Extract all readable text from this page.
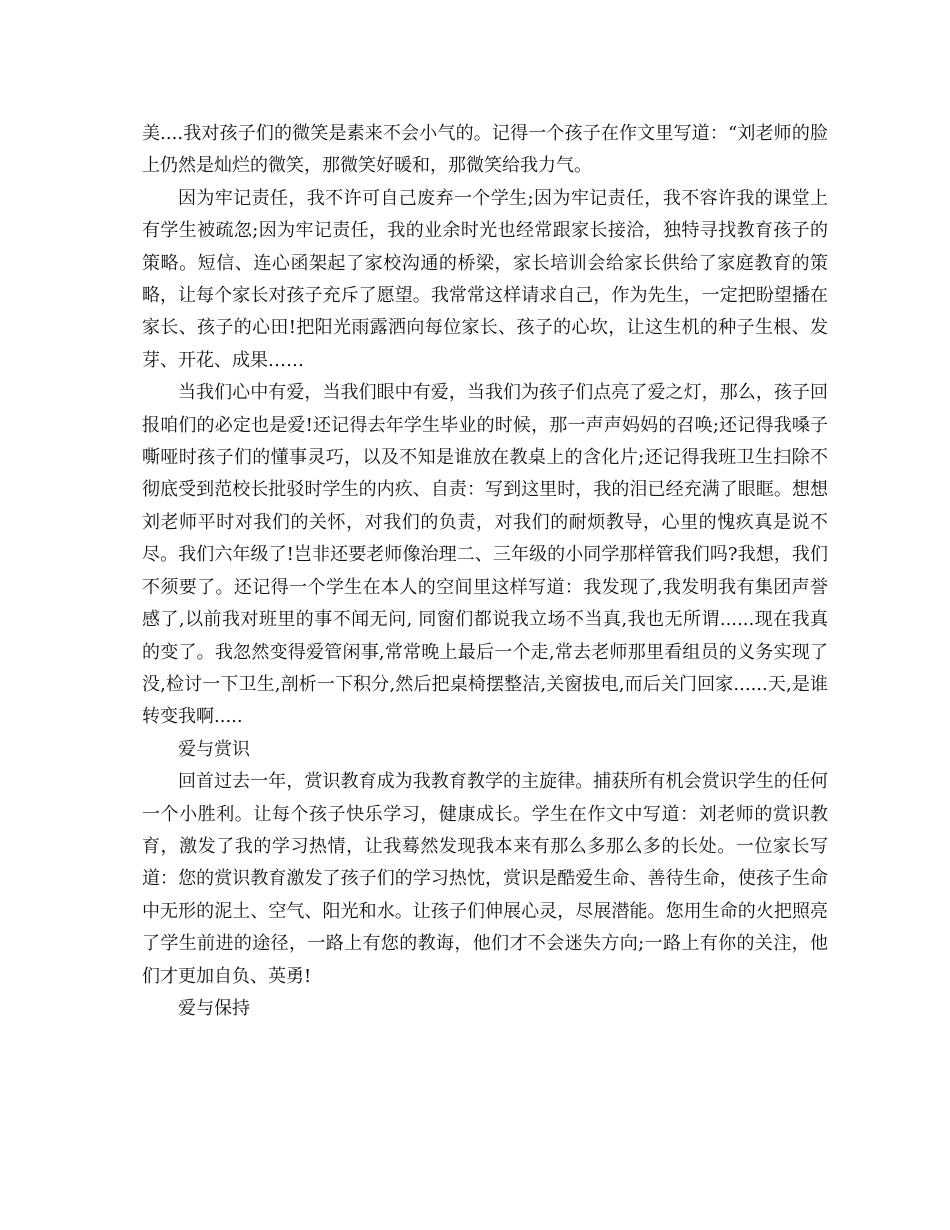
美....我对孩子们的微笑是素来不会小气的。记得一个孩子在作文里写道：“刘老师的脸上仍然是灿烂的微笑，那微笑好暖和，那微笑给我力气。

因为牢记责任，我不许可自己废弃一个学生;因为牢记责任，我不容许我的课堂上有学生被疏忽;因为牢记责任，我的业余时光也经常跟家长接洽，独特寻找教育孩子的策略。短信、连心函架起了家校沟通的桥梁，家长培训会给家长供给了家庭教育的策略，让每个家长对孩子充斥了愿望。我常常这样请求自己，作为先生，一定把盼望播在家长、孩子的心田!把阳光雨露洒向每位家长、孩子的心坎，让这生机的种子生根、发芽、开花、成果……

当我们心中有爱，当我们眼中有爱，当我们为孩子们点亮了爱之灯，那么，孩子回报咱们的必定也是爱!还记得去年学生毕业的时候，那一声声妈妈的召唤;还记得我嗓子嘶哑时孩子们的懂事灵巧，以及不知是谁放在教桌上的含化片;还记得我班卫生扫除不彻底受到范校长批驳时学生的内疚、自责：写到这里时，我的泪已经充满了眼眶。想想刘老师平时对我们的关怀，对我们的负责，对我们的耐烦教导，心里的愧疚真是说不尽。我们六年级了!岂非还要老师像治理二、三年级的小同学那样管我们吗?我想，我们不须要了。还记得一个学生在本人的空间里这样写道：我发现了,我发明我有集团声誉感了,以前我对班里的事不闻无问, 同窗们都说我立场不当真,我也无所谓......现在我真的变了。我忽然变得爱管闲事,常常晚上最后一个走,常去老师那里看组员的义务实现了没,检讨一下卫生,剖析一下积分,然后把桌椅摆整洁,关窗拔电,而后关门回家......天,是谁转变我啊.....

爱与赏识

回首过去一年，赏识教育成为我教育教学的主旋律。捕获所有机会赏识学生的任何一个小胜利。让每个孩子快乐学习，健康成长。学生在作文中写道：刘老师的赏识教育，激发了我的学习热情，让我蓦然发现我本来有那么多那么多的长处。一位家长写道：您的赏识教育激发了孩子们的学习热忱，赏识是酷爱生命、善待生命，使孩子生命中无形的泥土、空气、阳光和水。让孩子们伸展心灵，尽展潜能。您用生命的火把照亮了学生前进的途径，一路上有您的教诲，他们才不会迷失方向;一路上有你的关注，他们才更加自负、英勇!

爱与保持
